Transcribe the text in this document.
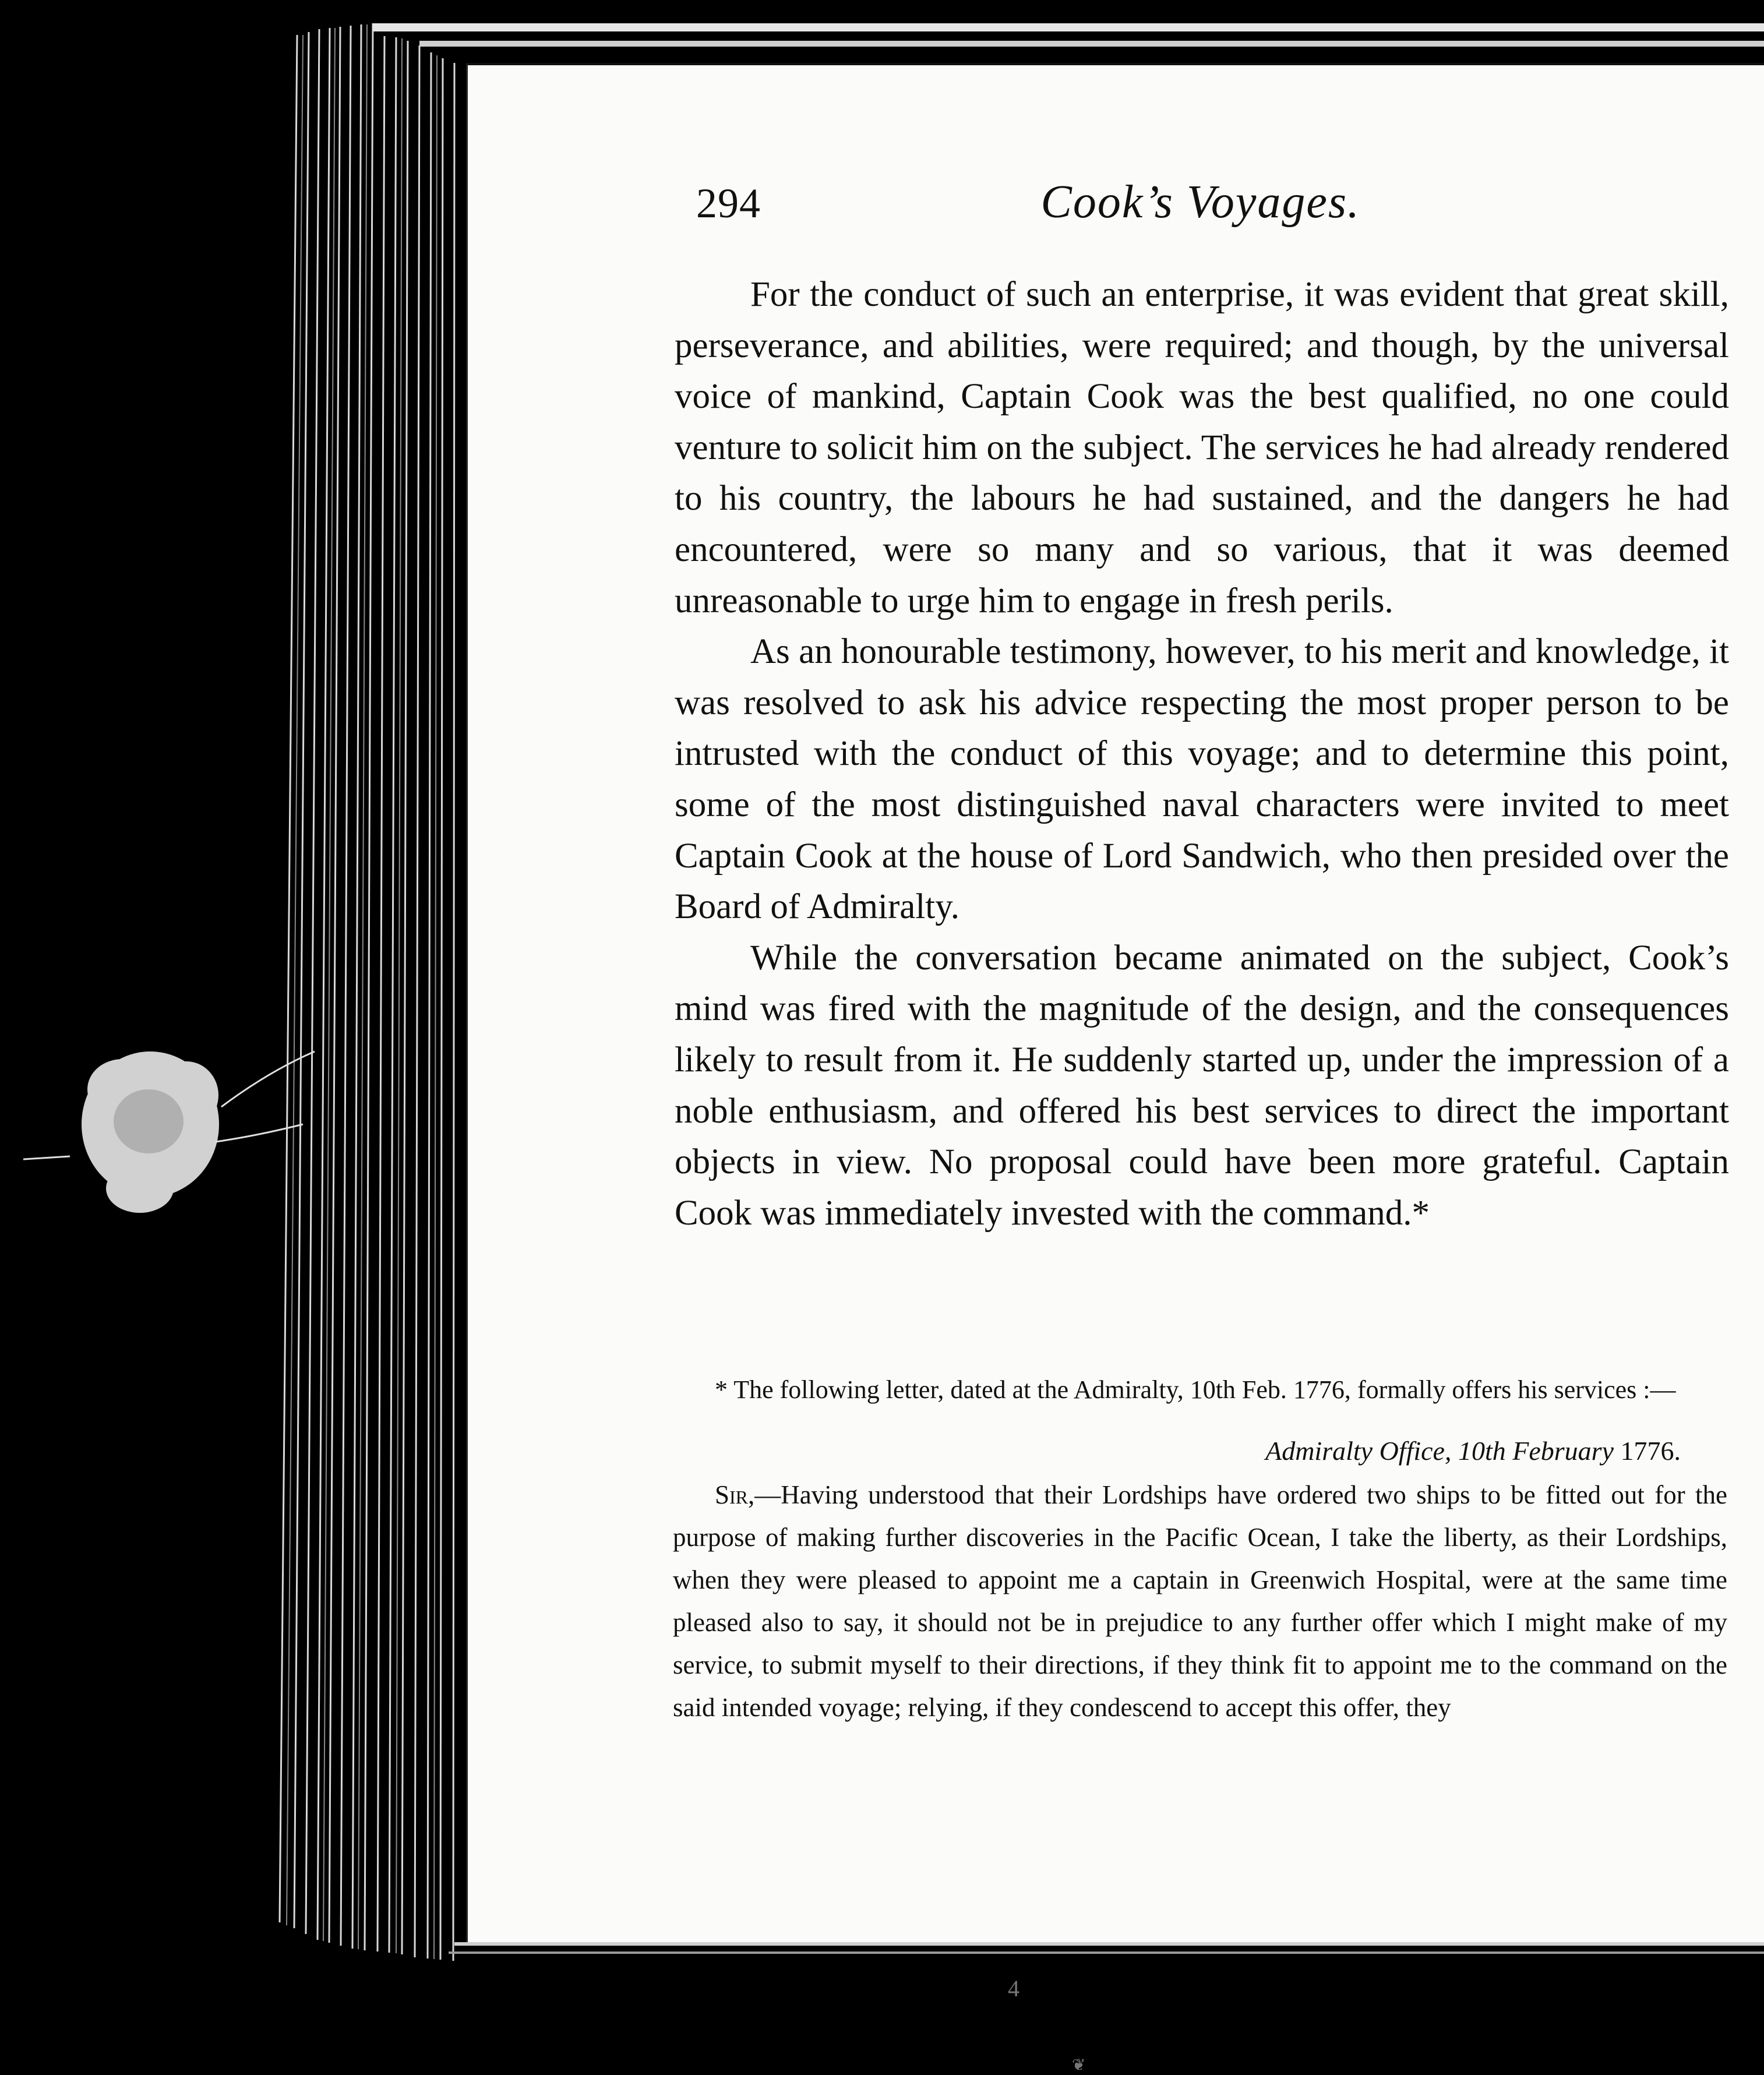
294	Cook’s Voyages.

For the conduct of such an enterprise, it was evident that great skill, perseverance, and abilities, were required; and though, by the universal voice of mankind, Captain Cook was the best qualified, no one could venture to solicit him on the subject. The services he had already rendered to his country, the labours he had sustained, and the dangers he had encountered, were so many and so various, that it was deemed unreasonable to urge him to engage in fresh perils.

As an honourable testimony, however, to his merit and knowledge, it was resolved to ask his advice respecting the most proper person to be intrusted with the conduct of this voyage; and to determine this point, some of the most distinguished naval characters were invited to meet Captain Cook at the house of Lord Sandwich, who then presided over the Board of Admiralty.

While the conversation became animated on the subject, Cook’s mind was fired with the magnitude of the design, and the consequences likely to result from it. He suddenly started up, under the impression of a noble enthusiasm, and offered his best services to direct the important objects in view. No proposal could have been more grateful. Captain Cook was immediately invested with the command.*

* The following letter, dated at the Admiralty, 10th Feb. 1776, formally offers his services :—

Admiralty Office, 10th February 1776.

Sir,—Having understood that their Lordships have ordered two ships to be fitted out for the purpose of making further discoveries in the Pacific Ocean, I take the liberty, as their Lordships, when they were pleased to appoint me a captain in Greenwich Hospital, were at the same time pleased also to say, it should not be in prejudice to any further offer which I might make of my service, to submit myself to their directions, if they think fit to appoint me to the command on the said intended voyage; relying, if they condescend to accept this offer, they

4
❦
